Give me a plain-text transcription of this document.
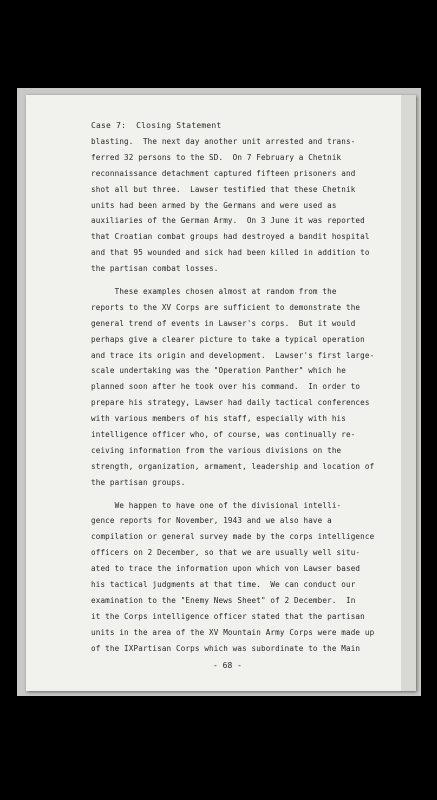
Case 7:  Closing Statement
blasting.  The next day another unit arrested and trans-
ferred 32 persons to the SD.  On 7 February a Chetnik
reconnaissance detachment captured fifteen prisoners and
shot all but three.  Lawser testified that these Chetnik
units had been armed by the Germans and were used as
auxiliaries of the German Army.  On 3 June it was reported
that Croatian combat groups had destroyed a bandit hospital
and that 95 wounded and sick had been killed in addition to
the partisan combat losses.
These examples chosen almost at random from the
reports to the XV Corps are sufficient to demonstrate the
general trend of events in Lawser's corps.  But it would
perhaps give a clearer picture to take a typical operation
and trace its origin and development.  Lawser's first large-
scale undertaking was the "Operation Panther" which he
planned soon after he took over his command.  In order to
prepare his strategy, Lawser had daily tactical conferences
with various members of his staff, especially with his
intelligence officer who, of course, was continually re-
ceiving information from the various divisions on the
strength, organization, armament, leadership and location of
the partisan groups.
We happen to have one of the divisional intelli-
gence reports for November, 1943 and we also have a
compilation or general survey made by the corps intelligence
officers on 2 December, so that we are usually well situ-
ated to trace the information upon which von Lawser based
his tactical judgments at that time.  We can conduct our
examination to the "Enemy News Sheet" of 2 December.  In
it the Corps intelligence officer stated that the partisan
units in the area of the XV Mountain Army Corps were made up
of the IXPartisan Corps which was subordinate to the Main
- 68 -
